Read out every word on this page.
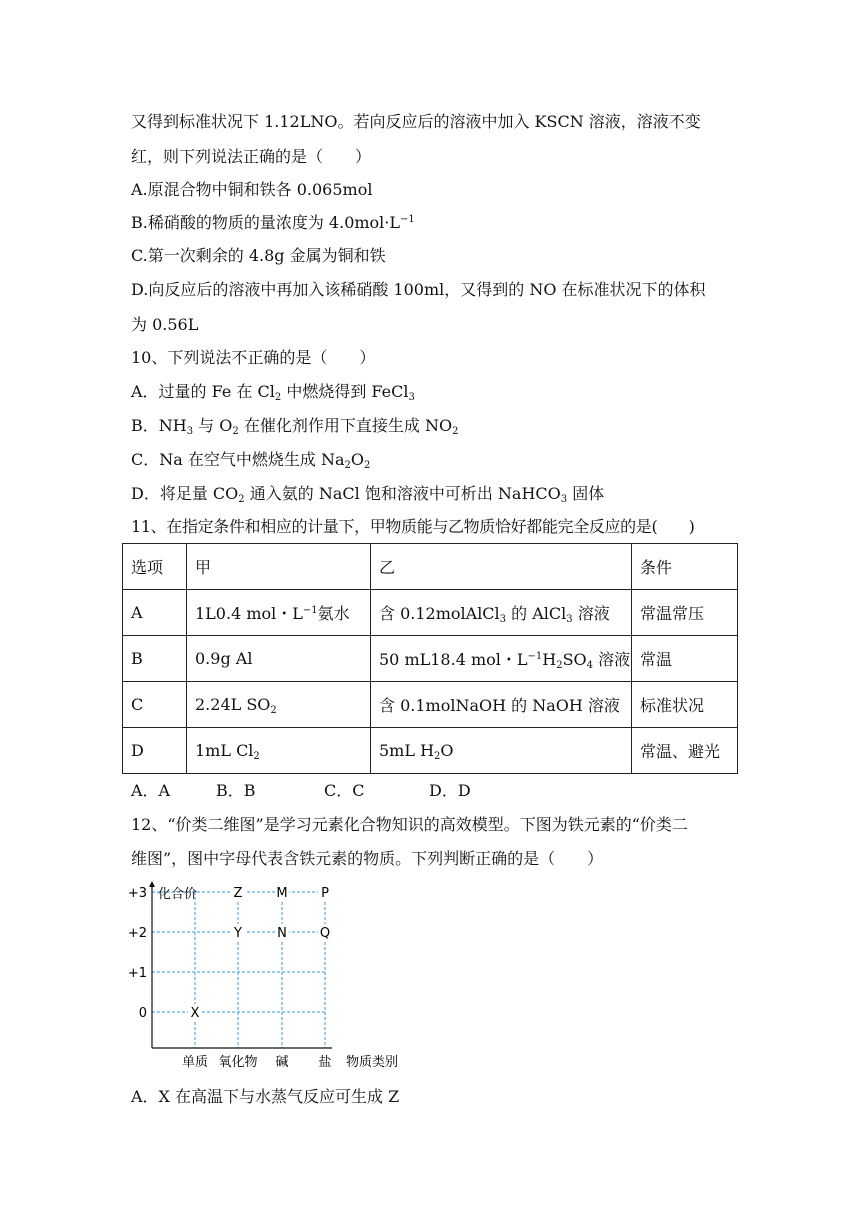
又得到标准状况下 1.12LNO。若向反应后的溶液中加入 KSCN 溶液，溶液不变
红，则下列说法正确的是（　　）
A.原混合物中铜和铁各 0.065mol
B.稀硝酸的物质的量浓度为 $4.0mol\cdot L^{-1}$
C.第一次剩余的 4.8g 金属为铜和铁
D.向反应后的溶液中再加入该稀硝酸 100ml，又得到的 NO 在标准状况下的体积
为 0.56L
10、下列说法不正确的是（　　）
A．过量的 Fe 在 $Cl_2$ 中燃烧得到 FeCl$_3$
B．$NH_3$ 与 $O_2$ 在催化剂作用下直接生成 $NO_2$
C．Na 在空气中燃烧生成 $Na_2O_2$
D．将足量 $CO_2$ 通入氨的 NaCl 饱和溶液中可析出 NaHCO$_3$ 固体
11、在指定条件和相应的计量下，甲物质能与乙物质恰好都能完全反应的是(　　)
选项	甲	乙	条件
A	1L0.4 mol・$L^{-1}$氨水	含 0.12molAlCl$_3$ 的 AlCl$_3$ 溶液	常温常压
B	0.9g Al	50 mL18.4 mol・$L^{-1}H_2SO_4$ 溶液	常温
C	2.24L $SO_2$	含 0.1molNaOH 的 NaOH 溶液	标准状况
D	1mL $Cl_2$	5mL $H_2O$	常温、避光
A．A	B．B	C．C	D．D
12、“价类二维图”是学习元素化合物知识的高效模型。下图为铁元素的“价类二
维图”，图中字母代表含铁元素的物质。下列判断正确的是（　　）
化合价
物质类别
+3
+2
+1
0
单质 氧化物 碱 盐
X
Y
Z
N
M
Q
P
A．X 在高温下与水蒸气反应可生成 Z
